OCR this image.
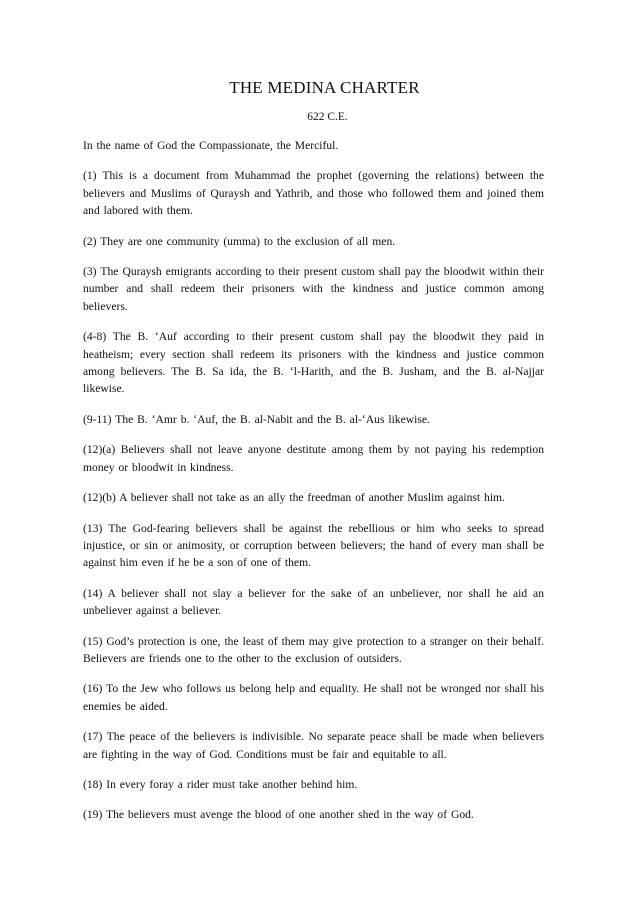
THE MEDINA CHARTER
622 C.E.

In the name of God the Compassionate, the Merciful.

(1) This is a document from Muhammad the prophet (governing the relations) between the believers and Muslims of Quraysh and Yathrib, and those who followed them and joined them and labored with them.

(2) They are one community (umma) to the exclusion of all men.

(3) The Quraysh emigrants according to their present custom shall pay the bloodwit within their number and shall redeem their prisoners with the kindness and justice common among believers.

(4-8) The B. ‘Auf according to their present custom shall pay the bloodwit they paid in heatheism; every section shall redeem its prisoners with the kindness and justice common among believers. The B. Sa ida, the B. ‘l-Harith, and the B. Jusham, and the B. al-Najjar likewise.

(9-11) The B. ‘Amr b. ‘Auf, the B. al-Nabit and the B. al-‘Aus likewise.

(12)(a) Believers shall not leave anyone destitute among them by not paying his redemption money or bloodwit in kindness.

(12)(b) A believer shall not take as an ally the freedman of another Muslim against him.

(13) The God-fearing believers shall be against the rebellious or him who seeks to spread injustice, or sin or animosity, or corruption between believers; the hand of every man shall be against him even if he be a son of one of them.

(14) A believer shall not slay a believer for the sake of an unbeliever, nor shall he aid an unbeliever against a believer.

(15) God’s protection is one, the least of them may give protection to a stranger on their behalf. Believers are friends one to the other to the exclusion of outsiders.

(16) To the Jew who follows us belong help and equality. He shall not be wronged nor shall his enemies be aided.

(17) The peace of the believers is indivisible. No separate peace shall be made when believers are fighting in the way of God. Conditions must be fair and equitable to all.

(18) In every foray a rider must take another behind him.

(19) The believers must avenge the blood of one another shed in the way of God.
